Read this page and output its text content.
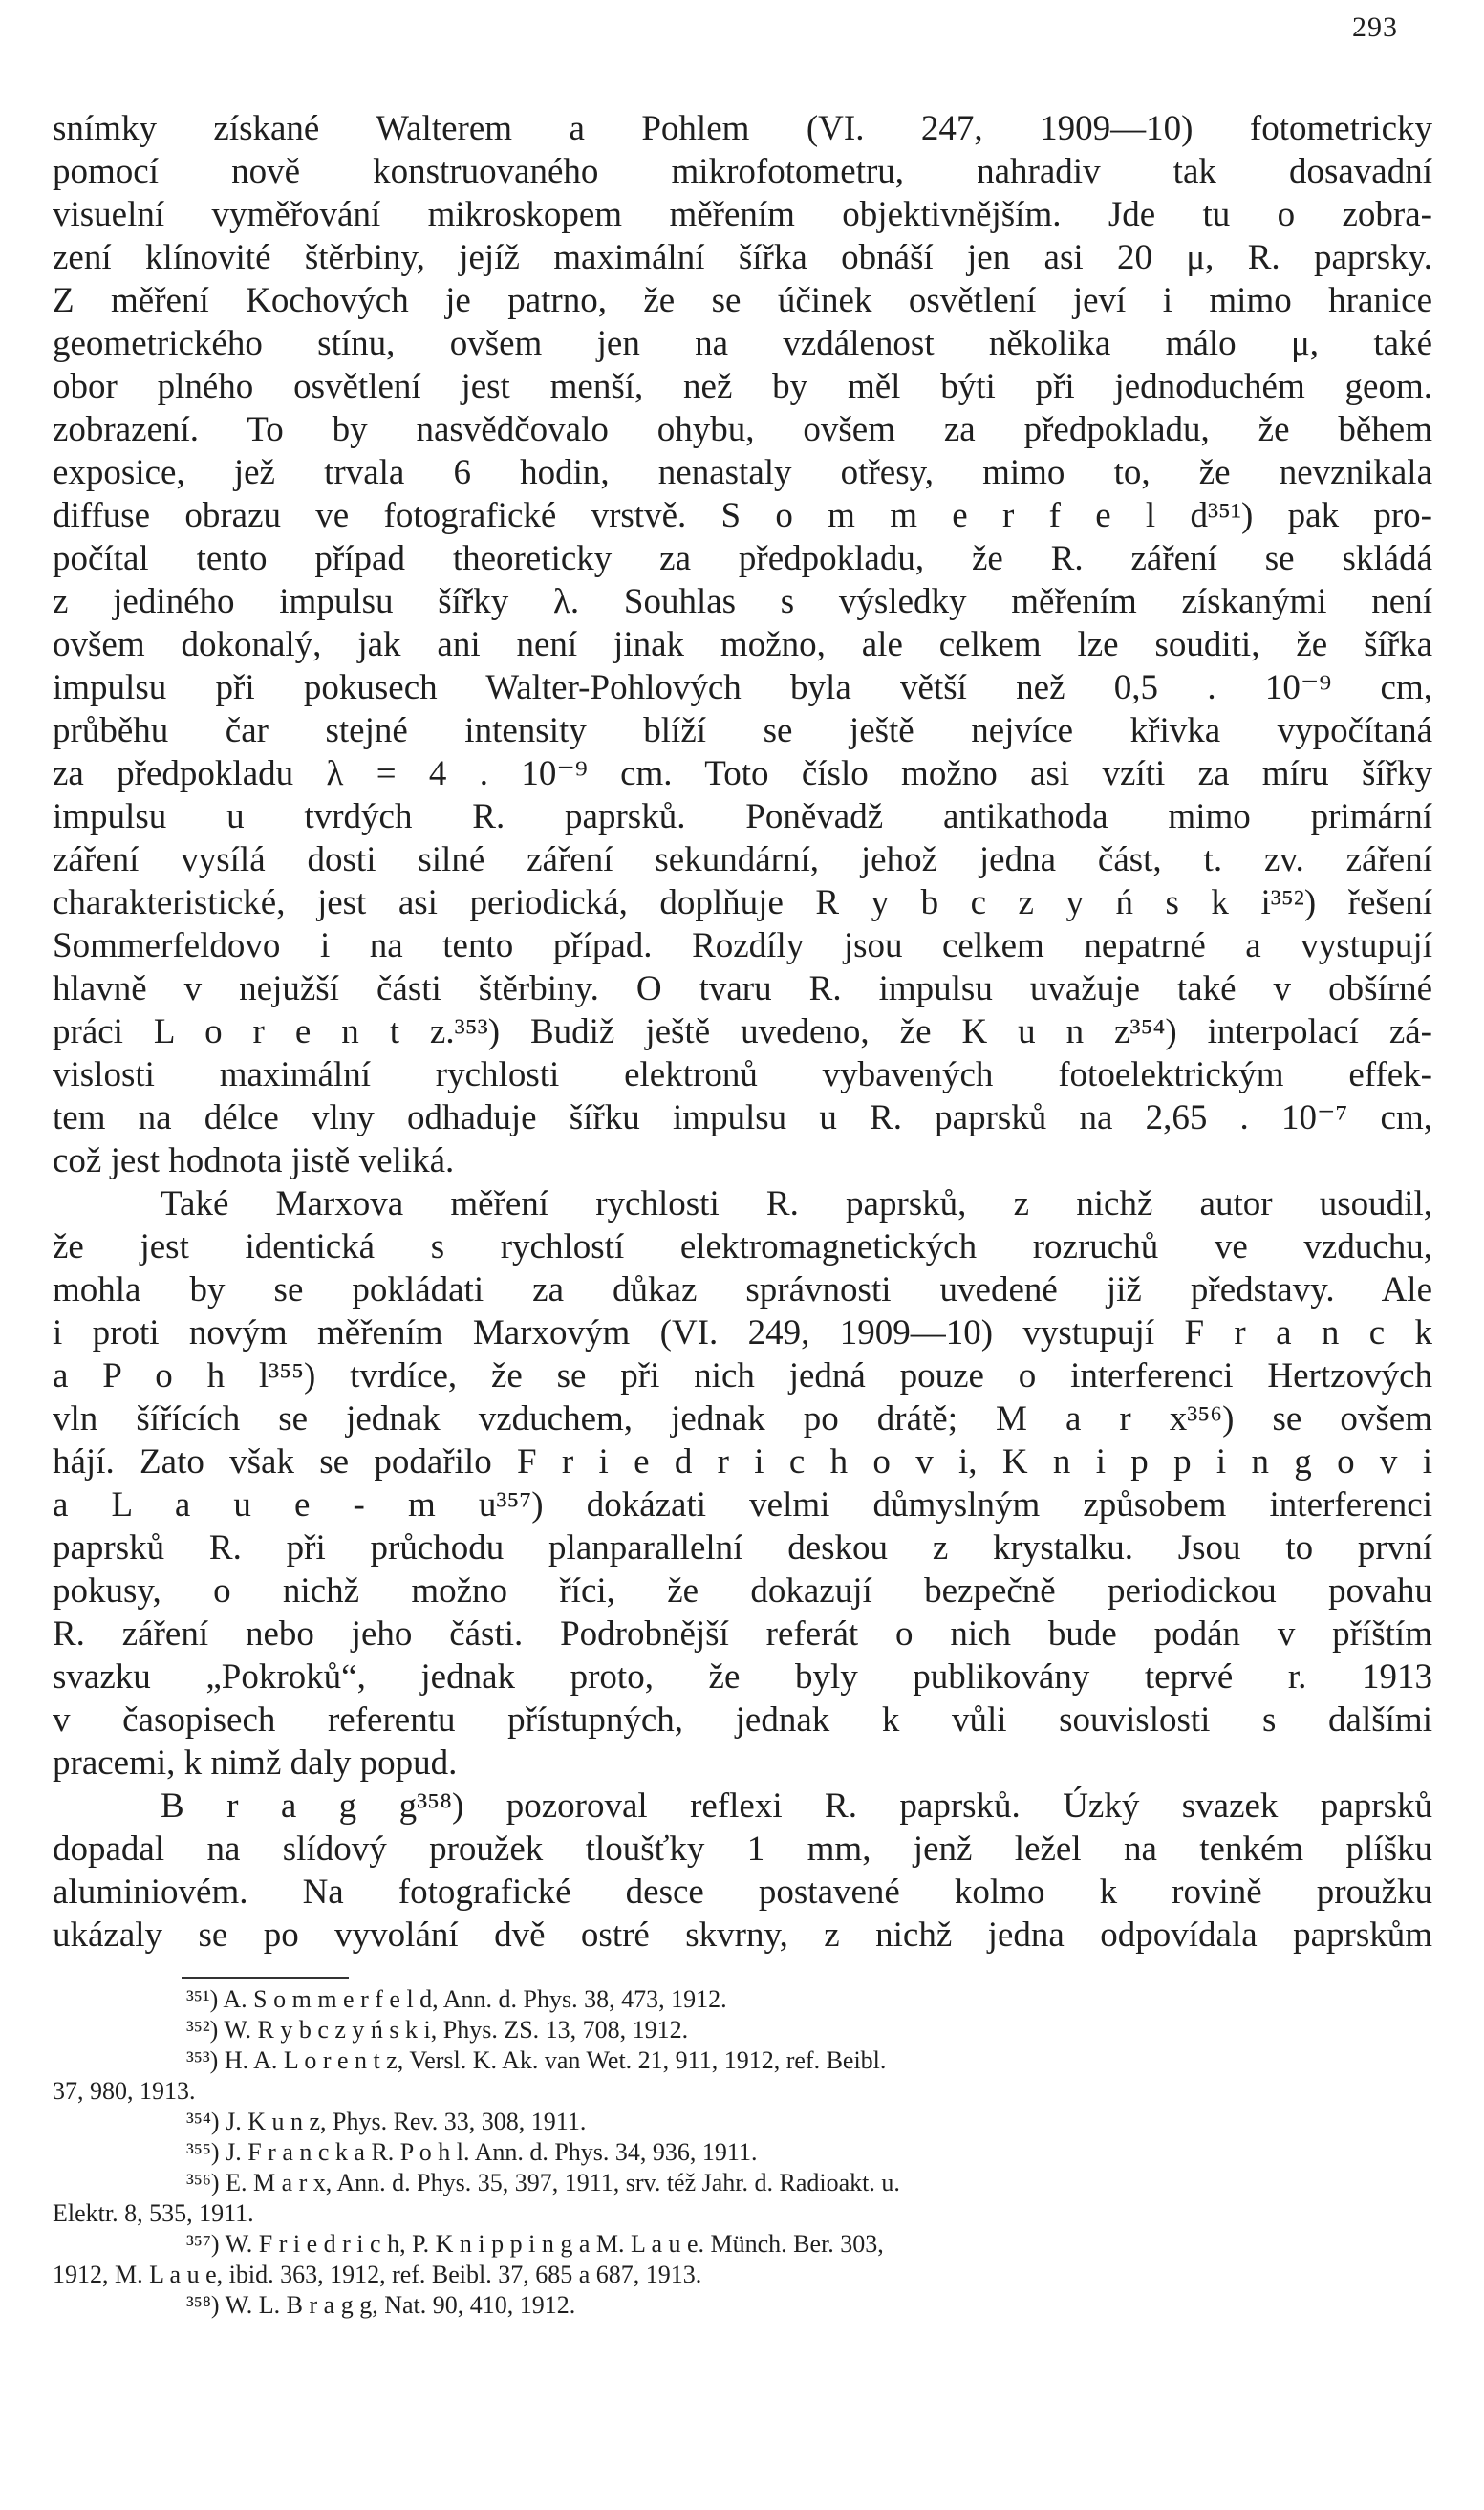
293
snímky získané Walterem a Pohlem (VI. 247, 1909—10) fotometricky
pomocí nově konstruovaného mikrofotometru, nahradiv tak dosavadní
visuelní vyměřování mikroskopem měřením objektivnějším. Jde tu o zobra-
zení klínovité štěrbiny, jejíž maximální šířka obnáší jen asi 20 μ, R. paprsky.
Z měření Kochových je patrno, že se účinek osvětlení jeví i mimo hranice
geometrického stínu, ovšem jen na vzdálenost několika málo μ, také
obor plného osvětlení jest menší, než by měl býti při jednoduchém geom.
zobrazení. To by nasvědčovalo ohybu, ovšem za předpokladu, že během
exposice, jež trvala 6 hodin, nenastaly otřesy, mimo to, že nevznikala
diffuse obrazu ve fotografické vrstvě. S o m m e r f e l d³⁵¹) pak pro-
počítal tento případ theoreticky za předpokladu, že R. záření se skládá
z jediného impulsu šířky λ. Souhlas s výsledky měřením získanými není
ovšem dokonalý, jak ani není jinak možno, ale celkem lze souditi, že šířka
impulsu při pokusech Walter-Pohlových byla větší než 0,5 . 10⁻⁹ cm,
průběhu čar stejné intensity blíží se ještě nejvíce křivka vypočítaná
za předpokladu λ = 4 . 10⁻⁹ cm. Toto číslo možno asi vzíti za míru šířky
impulsu u tvrdých R. paprsků. Poněvadž antikathoda mimo primární
záření vysílá dosti silné záření sekundární, jehož jedna část, t. zv. záření
charakteristické, jest asi periodická, doplňuje R y b c z y ń s k i³⁵²) řešení
Sommerfeldovo i na tento případ. Rozdíly jsou celkem nepatrné a vystupují
hlavně v nejužší části štěrbiny. O tvaru R. impulsu uvažuje také v obšírné
práci L o r e n t z.³⁵³) Budiž ještě uvedeno, že K u n z³⁵⁴) interpolací zá-
vislosti maximální rychlosti elektronů vybavených fotoelektrickým effek-
tem na délce vlny odhaduje šířku impulsu u R. paprsků na 2,65 . 10⁻⁷ cm,
což jest hodnota jistě veliká.
Také Marxova měření rychlosti R. paprsků, z nichž autor usoudil,
že jest identická s rychlostí elektromagnetických rozruchů ve vzduchu,
mohla by se pokládati za důkaz správnosti uvedené již představy. Ale
i proti novým měřením Marxovým (VI. 249, 1909—10) vystupují F r a n c k
a P o h l³⁵⁵) tvrdíce, že se při nich jedná pouze o interferenci Hertzových
vln šířících se jednak vzduchem, jednak po drátě; M a r x³⁵⁶) se ovšem
hájí. Zato však se podařilo F r i e d r i c h o v i, K n i p p i n g o v i
a L a u e - m u³⁵⁷) dokázati velmi důmyslným způsobem interferenci
paprsků R. při průchodu planparallelní deskou z krystalku. Jsou to první
pokusy, o nichž možno říci, že dokazují bezpečně periodickou povahu
R. záření nebo jeho části. Podrobnější referát o nich bude podán v příštím
svazku „Pokroků“, jednak proto, že byly publikovány teprvé r. 1913
v časopisech referentu přístupných, jednak k vůli souvislosti s dalšími
pracemi, k nimž daly popud.
B r a g g³⁵⁸) pozoroval reflexi R. paprsků. Úzký svazek paprsků
dopadal na slídový proužek tloušťky 1 mm, jenž ležel na tenkém plíšku
aluminiovém. Na fotografické desce postavené kolmo k rovině proužku
ukázaly se po vyvolání dvě ostré skvrny, z nichž jedna odpovídala paprskům
³⁵¹) A. S o m m e r f e l d, Ann. d. Phys. 38, 473, 1912.
³⁵²) W. R y b c z y ń s k i, Phys. ZS. 13, 708, 1912.
³⁵³) H. A. L o r e n t z, Versl. K. Ak. van Wet. 21, 911, 1912, ref. Beibl.
37, 980, 1913.
³⁵⁴) J. K u n z, Phys. Rev. 33, 308, 1911.
³⁵⁵) J. F r a n c k a R. P o h l. Ann. d. Phys. 34, 936, 1911.
³⁵⁶) E. M a r x, Ann. d. Phys. 35, 397, 1911, srv. též Jahr. d. Radioakt. u.
Elektr. 8, 535, 1911.
³⁵⁷) W. F r i e d r i c h, P. K n i p p i n g a M. L a u e. Münch. Ber. 303,
1912, M. L a u e, ibid. 363, 1912, ref. Beibl. 37, 685 a 687, 1913.
³⁵⁸) W. L. B r a g g, Nat. 90, 410, 1912.
